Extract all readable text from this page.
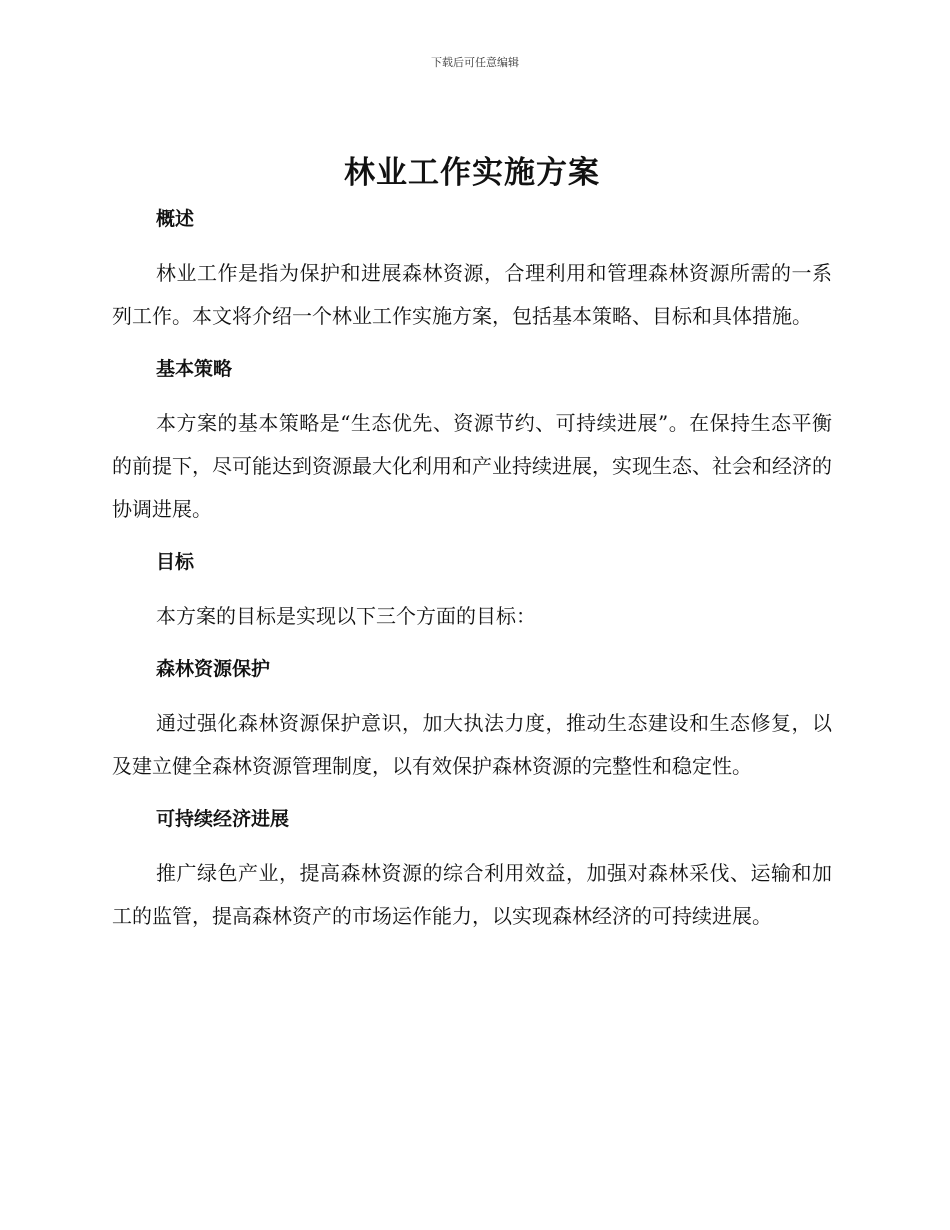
下载后可任意编辑
林业工作实施方案
概述

林业工作是指为保护和进展森林资源，合理利用和管理森林资源所需的一系列工作。本文将介绍一个林业工作实施方案，包括基本策略、目标和具体措施。

基本策略

本方案的基本策略是“生态优先、资源节约、可持续进展”。在保持生态平衡的前提下，尽可能达到资源最大化利用和产业持续进展，实现生态、社会和经济的协调进展。

目标

本方案的目标是实现以下三个方面的目标：

森林资源保护

通过强化森林资源保护意识，加大执法力度，推动生态建设和生态修复，以及建立健全森林资源管理制度，以有效保护森林资源的完整性和稳定性。

可持续经济进展

推广绿色产业，提高森林资源的综合利用效益，加强对森林采伐、运输和加工的监管，提高森林资产的市场运作能力，以实现森林经济的可持续进展。
